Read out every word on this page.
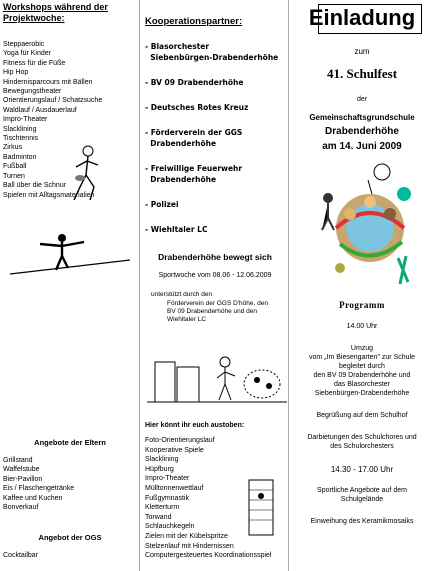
Workshops während der Projektwoche:
Steppaerobic
Yoga für Kinder
Fitness für die Füße
Hip Hop
Hindernisparcours mit Bällen
Bewegungstheater
Orientierungslauf / Schatzsuche
Waldlauf / Ausdauerlauf
Impro-Theater
Slacklining
Tischtennis
Zirkus
Badminton
Fußball
Turnen
Ball über die Schnur
Spielen mit Alltagsmaterialien
Angebote der Eltern
Grillstand
Waffelstube
Bier-Pavillon
Eis / Flaschengetränke
Kaffee und Kuchen
Bonverkauf
Angebot der OGS
Cocktailbar
Kooperationspartner:
- Blasorchester
Siebenbürgen-Drabenderhöhe
- BV 09 Drabenderhöhe
- Deutsches Rotes Kreuz
- Förderverein der GGS
Drabenderhöhe
- Freiwillige Feuerwehr
Drabenderhöhe
- Polizei
- Wiehltaler LC
Drabenderhöhe bewegt sich
Sportwoche vom 08.06 - 12.06.2009
unterstützt durch den
Förderverein der GGS D'höhe, den
BV 09 Drabenderhöhe und den
Wiehltaler LC
Hier könnt ihr euch austoben:
Foto-Orientierungslauf
Kooperative Spiele
Slacklining
Hüpfburg
Impro-Theater
Mülltonnenwettlauf
Fußgymnastik
Kletterturm
Torwand
Schlauchkegeln
Zielen mit der Kübelspritze
Stelzenlauf mit Hindernissen
Computergesteuertes Koordinationsspiel
Einladung
zum
41. Schulfest
der
Gemeinschaftsgrundschule
Drabenderhöhe
am 14. Juni 2009
Programm
14.00 Uhr
Umzug
vom „Im Biesengarten" zur Schule
begleitet durch
den BV 09 Drabenderhöhe und
das Blasorchester
Siebenbürgen-Drabenderhöhe
Begrüßung auf dem Schulhof
Darbietungen des Schulchores und
des Schulorchesters
14.30 - 17.00 Uhr
Sportliche Angebote auf dem
Schulgelände
Einweihung des Keramikmosaiks
